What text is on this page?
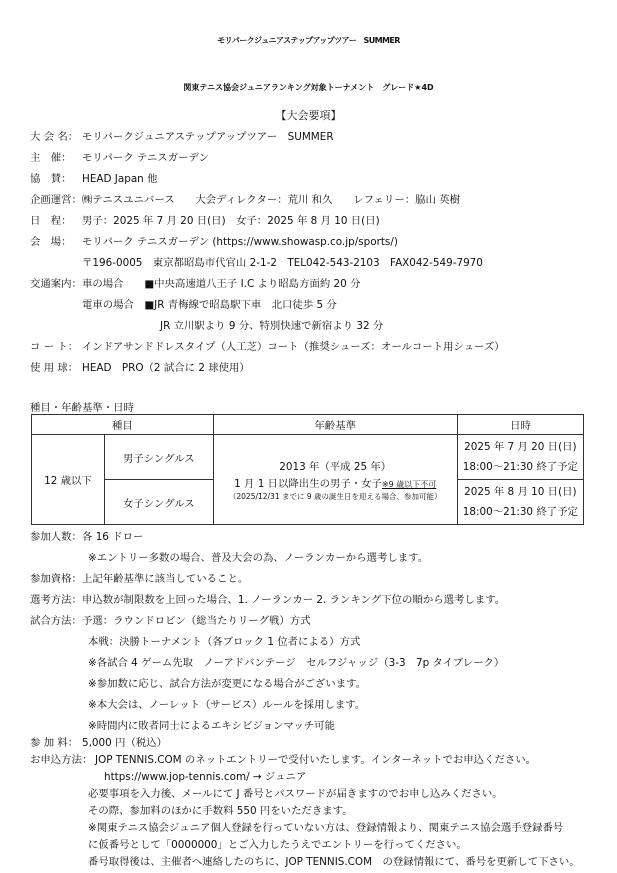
モリパークジュニアステップアップツアー　SUMMER
関東テニス協会ジュニアランキング対象トーナメント　グレード★4D
【大会要項】
大 会 名： モリパークジュニアステップアップツアー　SUMMER
主　催： モリパーク テニスガーデン
協　賛： HEAD Japan 他
企画運営： ㈱テニスユニバース　　大会ディレクター：荒川 和久　　レフェリー：脇山 英樹
日　程： 男子：2025 年 7 月 20 日(日)　女子：2025 年 8 月 10 日(日)
会　場： モリパーク テニスガーデン (https://www.showasp.co.jp/sports/)
〒196-0005　東京都昭島市代官山 2-1-2　TEL042-543-2103　FAX042-549-7970
交通案内： 車の場合　　■中央高速道八王子 I.C より昭島方面約 20 分
電車の場合　■JR 青梅線で昭島駅下車　北口徒歩 5 分
JR 立川駅より 9 分、特別快速で新宿より 32 分
コ ー ト： インドアサンドドレスタイプ（人工芝）コート（推奨シューズ：オールコート用シューズ）
使 用 球： HEAD　PRO（2 試合に 2 球使用）
種目・年齢基準・日時
種目		年齢基準	日時
12 歳以下	男子シングルス	2013 年（平成 25 年）
1 月 1 日以降出生の男子・女子※9 歳以下不可
（2025/12/31 までに 9 歳の誕生日を迎える場合、参加可能）	2025 年 7 月 20 日(日)
18:00～21:30 終了予定

	女子シングルス		2025 年 8 月 10 日(日)
18:00～21:30 終了予定
参加人数： 各 16 ドロー
※エントリー多数の場合、普及大会の為、ノーランカーから選考します。
参加資格： 上記年齢基準に該当していること。
選考方法： 申込数が制限数を上回った場合、1. ノーランカー 2. ランキング下位の順から選考します。
試合方法： 予選：ラウンドロビン（総当たりリーグ戦）方式
本戦：決勝トーナメント（各ブロック 1 位者による）方式
※各試合 4 ゲーム先取　ノーアドバンテージ　セルフジャッジ（3-3　7p タイブレーク）
※参加数に応じ、試合方法が変更になる場合がございます。
※本大会は、ノーレット（サービス）ルールを採用します。
※時間内に敗者同士によるエキシビジョンマッチ可能
参 加 料： 5,000 円（税込）
お申込方法： JOP TENNIS.COM のネットエントリーで受付いたします。インターネットでお申込ください。
https://www.jop-tennis.com/ → ジュニア
必要事項を入力後、メールにて J 番号とパスワードが届きますのでお申し込みください。
その際、参加料のほかに手数料 550 円をいただきます。
※関東テニス協会ジュニア個人登録を行っていない方は、登録情報より、関東テニス協会選手登録番号
に仮番号として「0000000」とご入力したうえでエントリーを行ってください。
番号取得後は、主催者へ連絡したのちに、JOP TENNIS.COM　の登録情報にて、番号を更新して下さい。
